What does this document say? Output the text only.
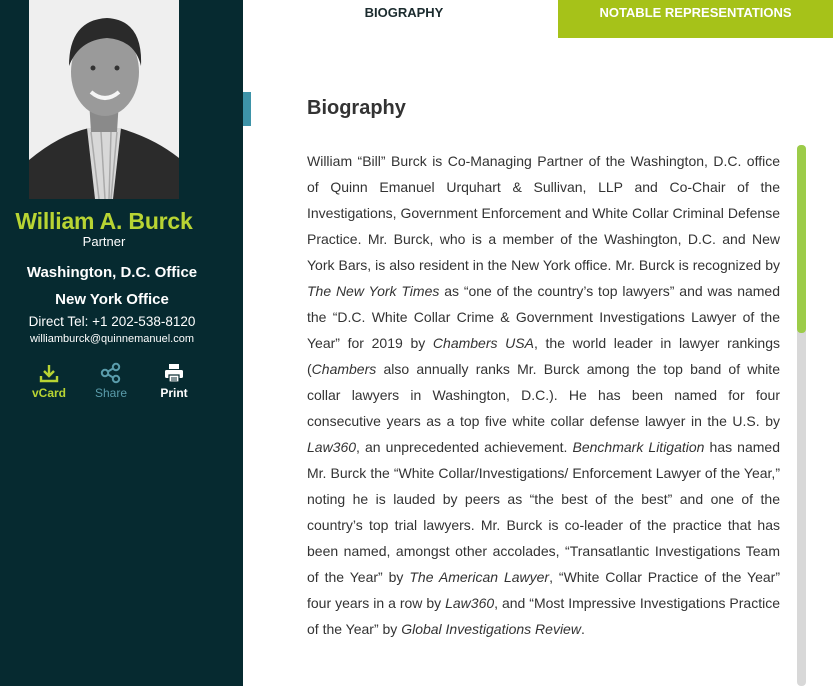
William A. Burck
Partner
Washington, D.C. Office
New York Office
Direct Tel: +1 202-538-8120
williamburck@quinnemanuel.com
vCard	Share	Print
BIOGRAPHY	NOTABLE REPRESENTATIONS
Biography

William “Bill” Burck is Co-Managing Partner of the Washington, D.C. office of Quinn Emanuel Urquhart & Sullivan, LLP and Co-Chair of the Investigations, Government Enforcement and White Collar Criminal Defense Practice. Mr. Burck, who is a member of the Washington, D.C. and New York Bars, is also resident in the New York office. Mr. Burck is recognized by The New York Times as “one of the country’s top lawyers” and was named the “D.C. White Collar Crime & Government Investigations Lawyer of the Year” for 2019 by Chambers USA, the world leader in lawyer rankings (Chambers also annually ranks Mr. Burck among the top band of white collar lawyers in Washington, D.C.). He has been named for four consecutive years as a top five white collar defense lawyer in the U.S. by Law360, an unprecedented achievement. Benchmark Litigation has named Mr. Burck the “White Collar/Investigations/ Enforcement Lawyer of the Year,” noting he is lauded by peers as “the best of the best” and one of the country’s top trial lawyers. Mr. Burck is co-leader of the practice that has been named, amongst other accolades, “Transatlantic Investigations Team of the Year” by The American Lawyer, “White Collar Practice of the Year” four years in a row by Law360, and “Most Impressive Investigations Practice of the Year” by Global Investigations Review.
